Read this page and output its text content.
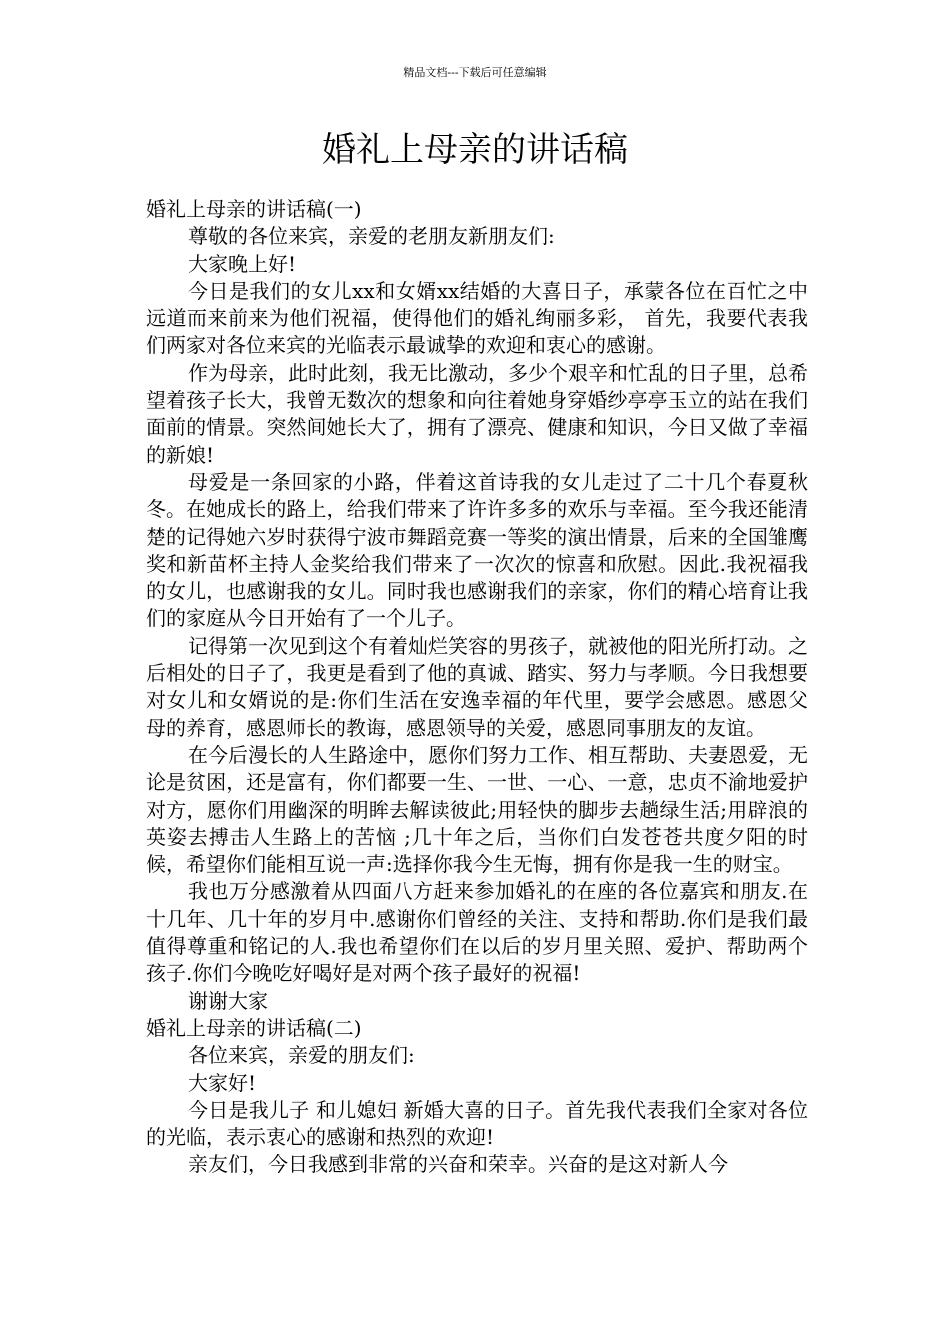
精品文档---下载后可任意编辑
婚礼上母亲的讲话稿

婚礼上母亲的讲话稿(一)

尊敬的各位来宾，亲爱的老朋友新朋友们:

大家晚上好!

今日是我们的女儿xx和女婿xx结婚的大喜日子，承蒙各位在百忙之中远道而来前来为他们祝福，使得他们的婚礼绚丽多彩， 首先，我要代表我们两家对各位来宾的光临表示最诚挚的欢迎和衷心的感谢。

作为母亲，此时此刻，我无比激动，多少个艰辛和忙乱的日子里，总希望着孩子长大，我曾无数次的想象和向往着她身穿婚纱亭亭玉立的站在我们面前的情景。突然间她长大了，拥有了漂亮、健康和知识，今日又做了幸福的新娘!

母爱是一条回家的小路，伴着这首诗我的女儿走过了二十几个春夏秋冬。在她成长的路上，给我们带来了许许多多的欢乐与幸福。至今我还能清楚的记得她六岁时获得宁波市舞蹈竞赛一等奖的演出情景，后来的全国雏鹰奖和新苗杯主持人金奖给我们带来了一次次的惊喜和欣慰。因此.我祝福我的女儿，也感谢我的女儿。同时我也感谢我们的亲家，你们的精心培育让我们的家庭从今日开始有了一个儿子。

记得第一次见到这个有着灿烂笑容的男孩子，就被他的阳光所打动。之后相处的日子了，我更是看到了他的真诚、踏实、努力与孝顺。今日我想要对女儿和女婿说的是:你们生活在安逸幸福的年代里，要学会感恩。感恩父母的养育，感恩师长的教诲，感恩领导的关爱，感恩同事朋友的友谊。

在今后漫长的人生路途中，愿你们努力工作、相互帮助、夫妻恩爱，无论是贫困，还是富有，你们都要一生、一世、一心、一意，忠贞不渝地爱护对方，愿你们用幽深的明眸去解读彼此;用轻快的脚步去趟绿生活;用辟浪的英姿去搏击人生路上的苦恼 ;几十年之后，当你们白发苍苍共度夕阳的时候，希望你们能相互说一声:选择你我今生无悔，拥有你是我一生的财宝。

我也万分感激着从四面八方赶来参加婚礼的在座的各位嘉宾和朋友.在十几年、几十年的岁月中.感谢你们曾经的关注、支持和帮助.你们是我们最值得尊重和铭记的人.我也希望你们在以后的岁月里关照、爱护、帮助两个孩子.你们今晚吃好喝好是对两个孩子最好的祝福!

谢谢大家

婚礼上母亲的讲话稿(二)

各位来宾，亲爱的朋友们:

大家好!

今日是我儿子 和儿媳妇 新婚大喜的日子。首先我代表我们全家对各位的光临，表示衷心的感谢和热烈的欢迎!

亲友们，今日我感到非常的兴奋和荣幸。兴奋的是这对新人今
